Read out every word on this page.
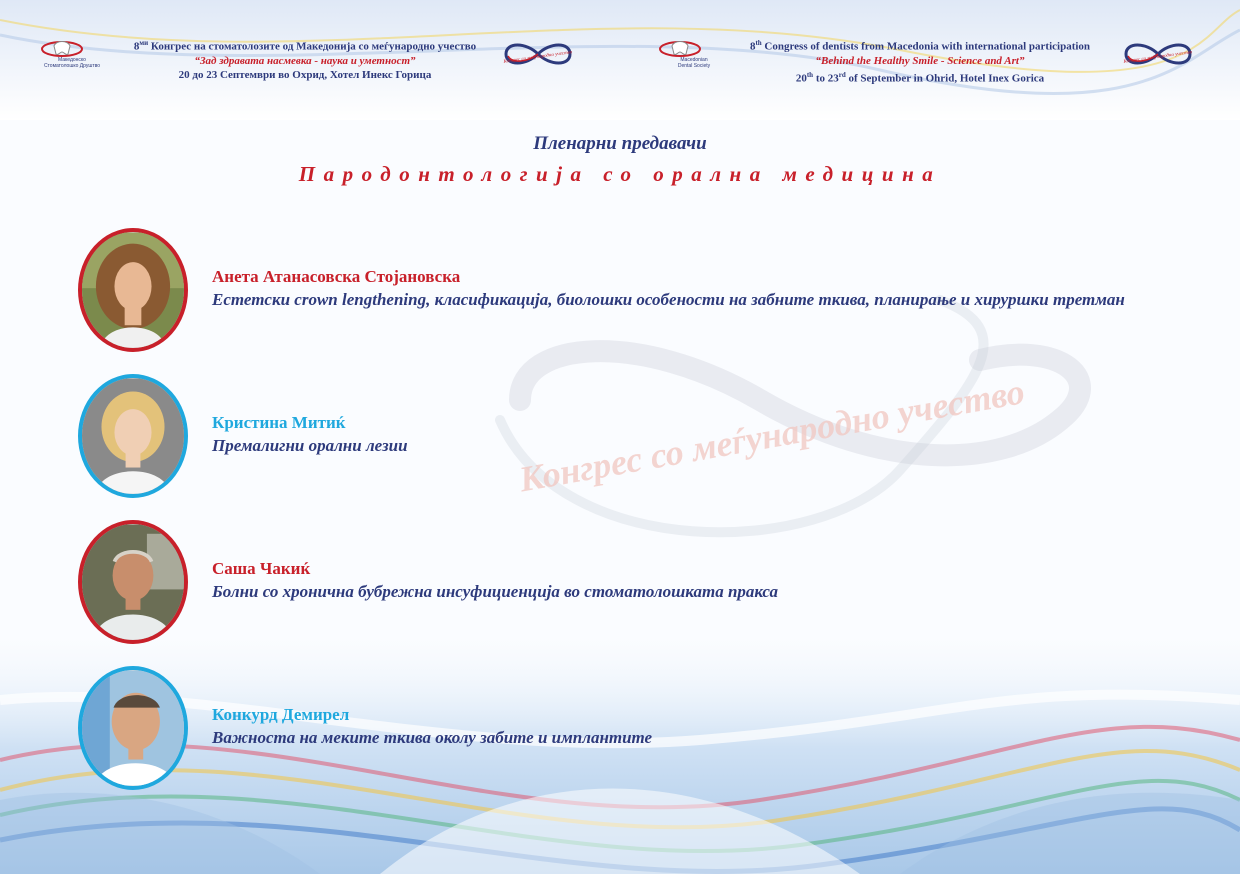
Конгрес со меѓународно учество
Македонско
Стоматолошко Друштво
$8^{ми}$ Конгрес на стоматолозите од Македонија со меѓународно учество
“Зад здравата насмевка - наука и уметност”
20 до 23 Септември во Охрид, Хотел Инекс Горица
Конгрес со меѓународно учество	Macedonian
Dental Society
8th Congress of dentists from Macedonia with international participation
“Behind the Healthy Smile - Science and Art”
20th to 23rd of September in Ohrid, Hotel Inex Gorica
Конгрес со меѓународно учество
Пленарни предавачи
Пародонтологија со орална медицина
Анета Атанасовска Стојановска
Естетски crown lengthening, класификација, биолошки особености на забните ткива, планирање и хируршки третман
Кристина Митиќ
Премалигни орални лезии
Саша Чакиќ
Болни со хронична бубрежна инсуфициенција во стоматолошката пракса
Конкурд Демирел
Важноста на меките ткива околу забите и имплантите
